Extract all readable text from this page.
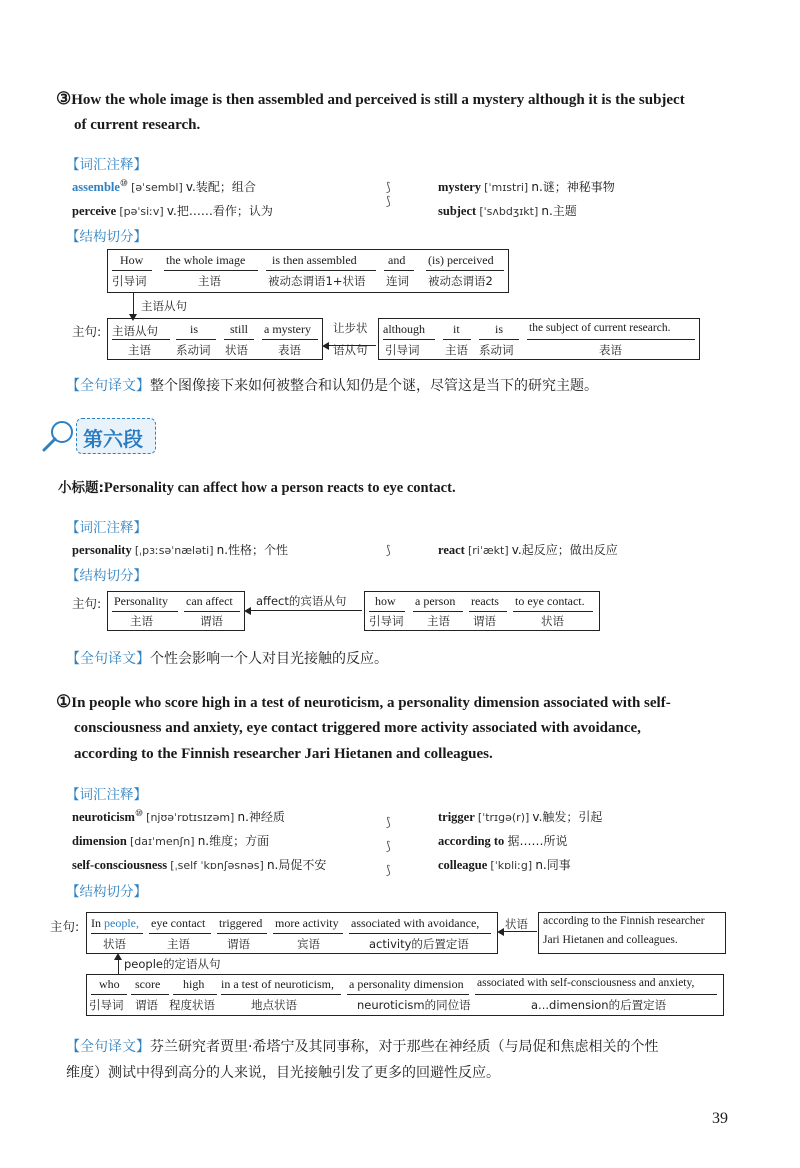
③How the whole image is then assembled and perceived is still a mystery although it is the subject
of current research.
【词汇注释】
assemble⑩ [əˈsembl] v.装配；组合
perceive [pəˈsiːv] v.把……看作；认为
⟆
⟆
mystery [ˈmɪstri] n.谜；神秘事物
subject [ˈsʌbdʒɪkt] n.主题
【结构切分】
How
引导词
the whole image
主语
is then assembled
被动态谓语1+状语
and
连词
(is) perceived
被动态谓语2
主语从句
主句: 主语从句
主语
is
系动词
still
状语
a mystery
表语
让步状
语从句
although
引导词
it
主语
is
系动词
the subject of current research.
表语
【全句译文】整个图像接下来如何被整合和认知仍是个谜，尽管这是当下的研究主题。
第六段
小标题:Personality can affect how a person reacts to eye contact.
【词汇注释】
personality [ˌpɜːsəˈnæləti] n.性格；个性	⟆	react [riˈækt] v.起反应；做出反应
【结构切分】
主句: Personality
主语
can affect
谓语
affect的宾语从句 how
引导词
a person
主语
reacts
谓语
to eye contact.
状语
【全句译文】个性会影响一个人对目光接触的反应。
①In people who score high in a test of neuroticism, a personality dimension associated with self-
consciousness and anxiety, eye contact triggered more activity associated with avoidance,
according to the Finnish researcher Jari Hietanen and colleagues.
【词汇注释】
neuroticism⑩ [njʊəˈrɒtɪsɪzəm] n.神经质
dimension [daɪˈmenʃn] n.维度；方面
self-consciousness [ˌself ˈkɒnʃəsnəs] n.局促不安
⟆
⟆
⟆
trigger [ˈtrɪgə(r)] v.触发；引起
according to 据……所说
colleague [ˈkɒliːg] n.同事
【结构切分】
主句: In people,
状语
eye contact
主语
triggered
谓语
more activity
宾语
associated with avoidance,
activity的后置定语
状语 according to the Finnish researcher
Jari Hietanen and colleagues.
people的定语从句
who
引导词
score
谓语
high
程度状语
in a test of neuroticism,
地点状语
a personality dimension
neuroticism的同位语
associated with self-consciousness and anxiety,
a...dimension的后置定语
【全句译文】芬兰研究者贾里·希塔宁及其同事称，对于那些在神经质（与局促和焦虑相关的个性
维度）测试中得到高分的人来说，目光接触引发了更多的回避性反应。
39
